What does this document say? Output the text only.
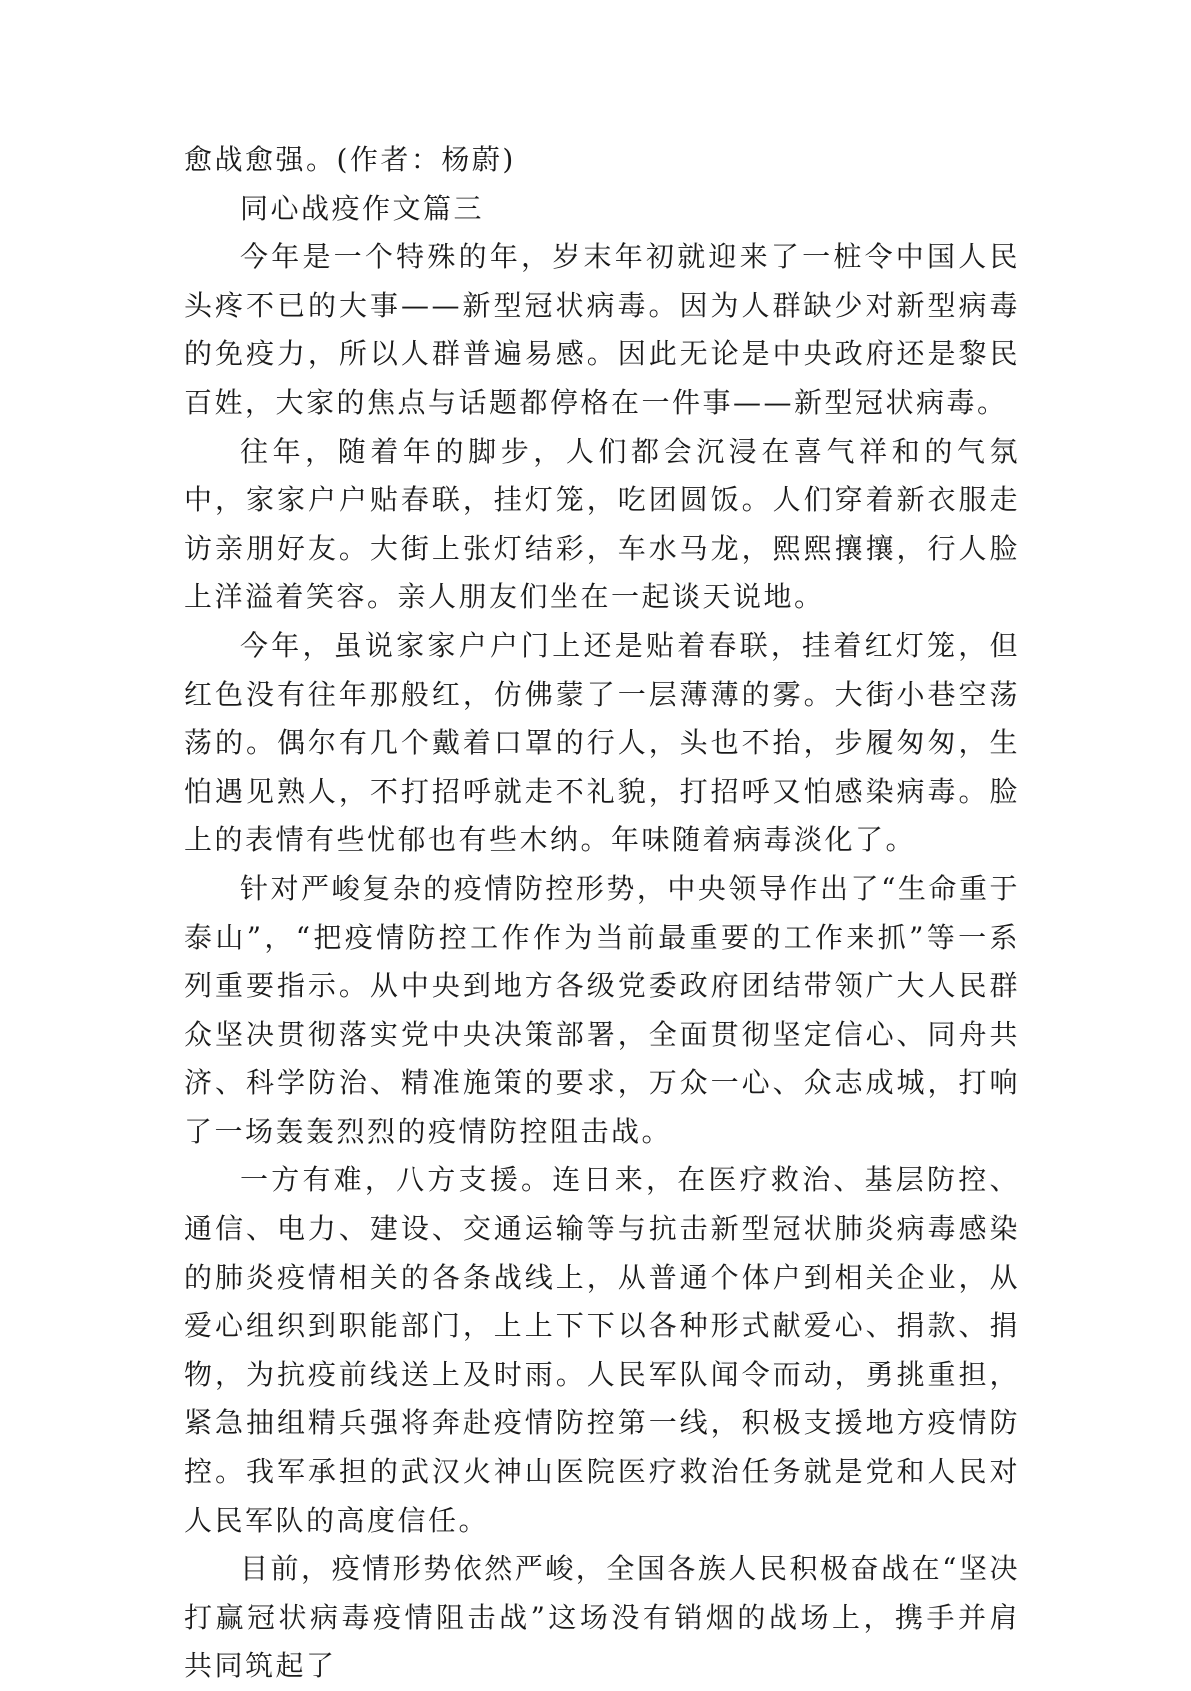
愈战愈强。(作者：杨蔚)

同心战疫作文篇三

今年是一个特殊的年，岁末年初就迎来了一桩令中国人民头疼不已的大事——新型冠状病毒。因为人群缺少对新型病毒的免疫力，所以人群普遍易感。因此无论是中央政府还是黎民百姓，大家的焦点与话题都停格在一件事——新型冠状病毒。

往年，随着年的脚步，人们都会沉浸在喜气祥和的气氛中，家家户户贴春联，挂灯笼，吃团圆饭。人们穿着新衣服走访亲朋好友。大街上张灯结彩，车水马龙，熙熙攘攘，行人脸上洋溢着笑容。亲人朋友们坐在一起谈天说地。

今年，虽说家家户户门上还是贴着春联，挂着红灯笼，但红色没有往年那般红，仿佛蒙了一层薄薄的雾。大街小巷空荡荡的。偶尔有几个戴着口罩的行人，头也不抬，步履匆匆，生怕遇见熟人，不打招呼就走不礼貌，打招呼又怕感染病毒。脸上的表情有些忧郁也有些木纳。年味随着病毒淡化了。

针对严峻复杂的疫情防控形势，中央领导作出了“生命重于泰山”，“把疫情防控工作作为当前最重要的工作来抓”等一系列重要指示。从中央到地方各级党委政府团结带领广大人民群众坚决贯彻落实党中央决策部署，全面贯彻坚定信心、同舟共济、科学防治、精准施策的要求，万众一心、众志成城，打响了一场轰轰烈烈的疫情防控阻击战。

一方有难，八方支援。连日来，在医疗救治、基层防控、通信、电力、建设、交通运输等与抗击新型冠状肺炎病毒感染的肺炎疫情相关的各条战线上，从普通个体户到相关企业，从爱心组织到职能部门，上上下下以各种形式献爱心、捐款、捐物，为抗疫前线送上及时雨。人民军队闻令而动，勇挑重担，紧急抽组精兵强将奔赴疫情防控第一线，积极支援地方疫情防控。我军承担的武汉火神山医院医疗救治任务就是党和人民对人民军队的高度信任。

目前，疫情形势依然严峻，全国各族人民积极奋战在“坚决打赢冠状病毒疫情阻击战”这场没有销烟的战场上，携手并肩共同筑起了
